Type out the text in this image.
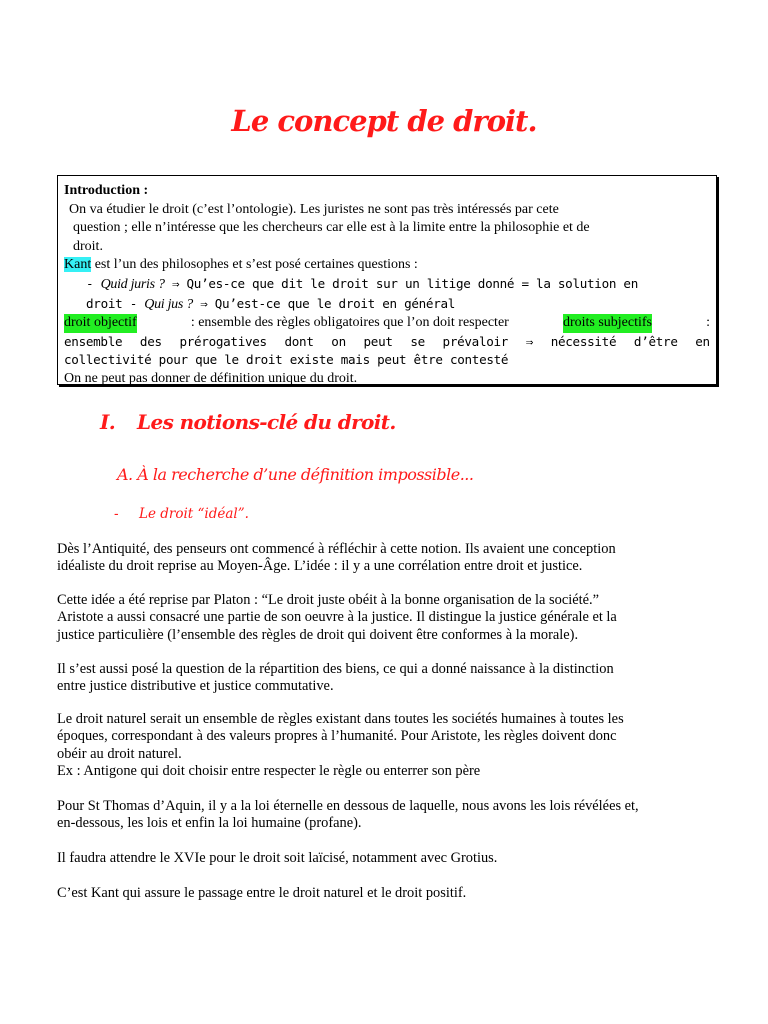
Le concept de droit.
Introduction :
On va étudier le droit (c’est l’ontologie). Les juristes ne sont pas très intéressés par cete
question ; elle n’intéresse que les chercheurs car elle est à la limite entre la philosophie et de
droit.
Kant est l’un des philosophes et s’est posé certaines questions :
- Quid juris ? ⇒ Qu’es-ce que dit le droit sur un litige donné = la solution en
droit - Qui jus ? ⇒ Qu’est-ce que le droit en général
droit objectif	: ensemble des règles obligatoires que l’on doit respecter	droits subjectifs	:
ensemble des prérogatives dont on peut se prévaloir ⇒ nécessité d’être en
collectivité pour que le droit existe mais peut être contesté
On ne peut pas donner de définition unique du droit.
I. Les notions-clé du droit.
A. À la recherche d’une définition impossible...
- Le droit “idéal”.

Dès l’Antiquité, des penseurs ont commencé à réfléchir à cette notion. Ils avaient une conception

idéaliste du droit reprise au Moyen-Âge. L’idée : il y a une corrélation entre droit et justice.

Cette idée a été reprise par Platon : “Le droit juste obéit à la bonne organisation de la société.”

Aristote a aussi consacré une partie de son oeuvre à la justice. Il distingue la justice générale et la

justice particulière (l’ensemble des règles de droit qui doivent être conformes à la morale).

Il s’est aussi posé la question de la répartition des biens, ce qui a donné naissance à la distinction

entre justice distributive et justice commutative.

Le droit naturel serait un ensemble de règles existant dans toutes les sociétés humaines à toutes les

époques, correspondant à des valeurs propres à l’humanité. Pour Aristote, les règles doivent donc

obéir au droit naturel.

Ex : Antigone qui doit choisir entre respecter le règle ou enterrer son père

Pour St Thomas d’Aquin, il y a la loi éternelle en dessous de laquelle, nous avons les lois révélées et,

en-dessous, les lois et enfin la loi humaine (profane).

Il faudra attendre le XVIe pour le droit soit laïcisé, notamment avec Grotius.

C’est Kant qui assure le passage entre le droit naturel et le droit positif.
